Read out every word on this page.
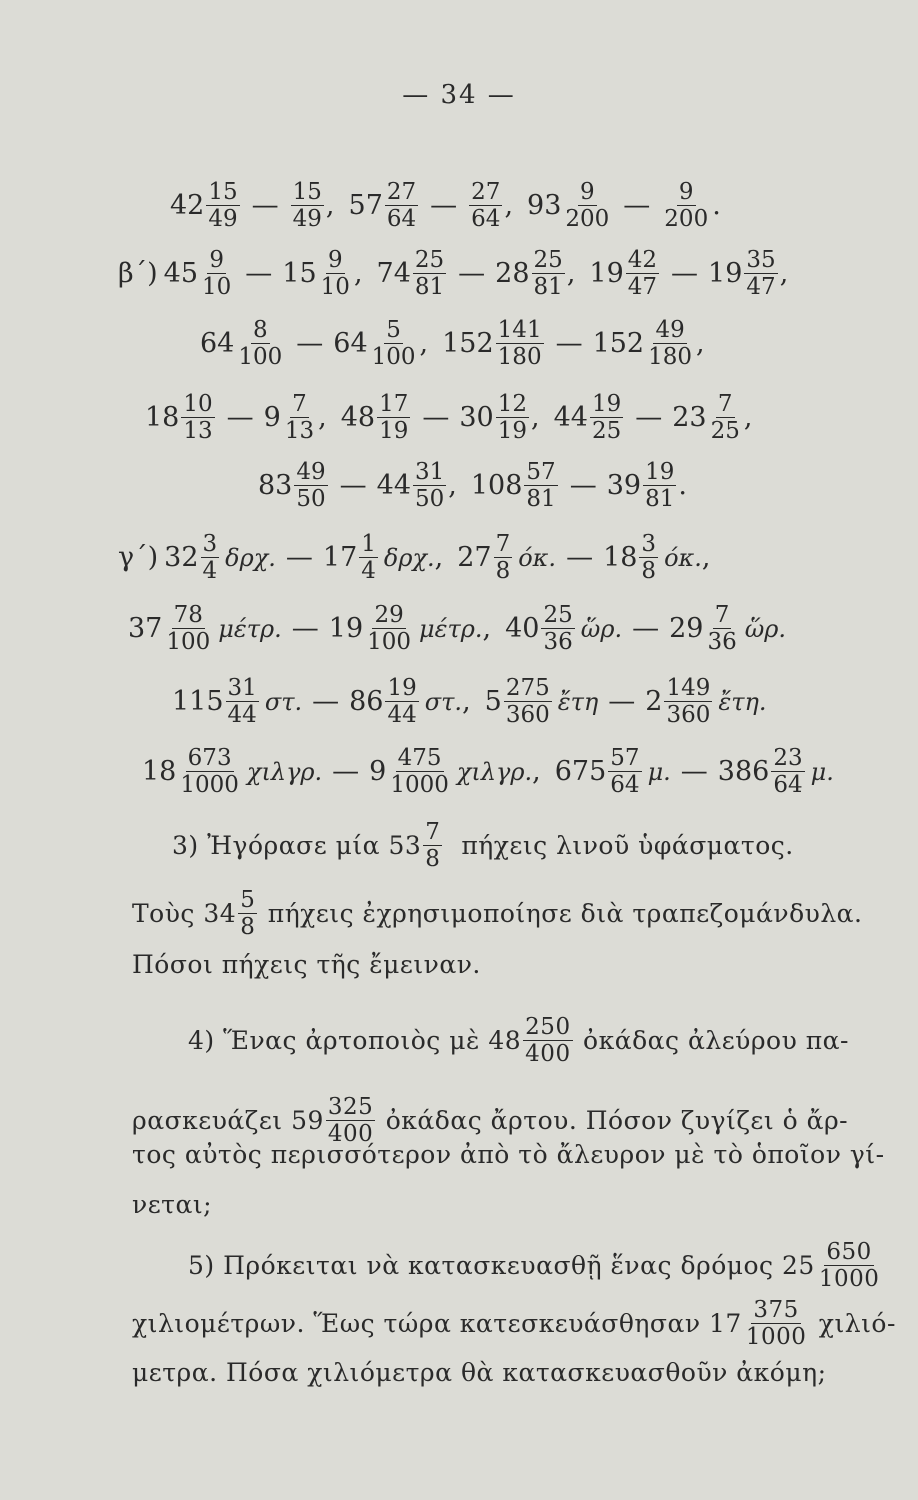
— 34 —
$42 \frac{15}{49}$ — $\frac{15}{49}$ , $57 \frac{27}{64}$ — $\frac{27}{64}$ , $93 \frac{9}{200}$ — $\frac{9}{200}$ .
β΄) $45 \frac{9}{10}$ — $15 \frac{9}{10}$ , $74 \frac{25}{81}$ — $28 \frac{25}{81}$ , $19 \frac{42}{47}$ — $19 \frac{35}{47}$ ,
$64 \frac{8}{100}$ — $64 \frac{5}{100}$ , $152 \frac{141}{180}$ — $152 \frac{49}{180}$ ,
$18 \frac{10}{13}$ — $9 \frac{7}{13}$ , $48 \frac{17}{19}$ — $30 \frac{12}{19}$ , $44 \frac{19}{25}$ — $23 \frac{7}{25}$ ,
$83 \frac{49}{50}$ — $44 \frac{31}{50}$ , $108 \frac{57}{81}$ — $39 \frac{19}{81}$ .
γ΄) $32 \frac{3}{4} \delta\rho\chi$. — $17 \frac{1}{4} \delta\rho\chi$. , $27 \frac{7}{8} ό\kappa$. — $18 \frac{3}{8} ό\kappa$. ,
$37 \frac{78}{100} \mu έ\tau\rho$. — $19 \frac{29}{100} \mu έ\tau\rho$. , $40 \frac{25}{36}$ ὥρ. — $29 \frac{7}{36}$ ὥρ.
$115 \frac{31}{44} \sigma\tau$. — $86 \frac{19}{44} \sigma\tau$. , $5 \frac{275}{360}$ ἔτη — $2 \frac{149}{360}$ ἔτη.
$18 \frac{673}{1000} \chi\iota\lambda\gamma\rho$. — $9 \frac{475}{1000} \chi\iota\lambda\gamma\rho$. , $675 \frac{57}{64} \mu$. — $386 \frac{23}{64} \mu$.
3) Ἠγόρασε μία $53 \frac{7}{8}$ πήχεις λινοῦ ὑφάσματος.
Τοὺς $34 \frac{5}{8}$ πήχεις ἐχρησιμοποίησε διὰ τραπεζομάνδυλα.
Πόσοι πήχεις τῆς ἔμειναν.
4) Ἕνας ἀρτοποιὸς μὲ $48 \frac{250}{400}$ ὀκάδας ἀλεύρου πα-
ρασκευάζει $59 \frac{325}{400}$ ὀκάδας ἄρτου. Πόσον ζυγίζει ὁ ἄρ-
τος αὐτὸς περισσότερον ἀπὸ τὸ ἄλευρον μὲ τὸ ὁποῖον γί-
νεται;
5) Πρόκειται νὰ κατασκευασθῇ ἕνας δρόμος $25 \frac{650}{1000}$
χιλιομέτρων. Ἕως τώρα κατεσκευάσθησαν $17 \frac{375}{1000} \chi\iota\lambda\iota ό-$
μετρα. Πόσα χιλιόμετρα θὰ κατασκευασθοῦν ἀκόμη;
